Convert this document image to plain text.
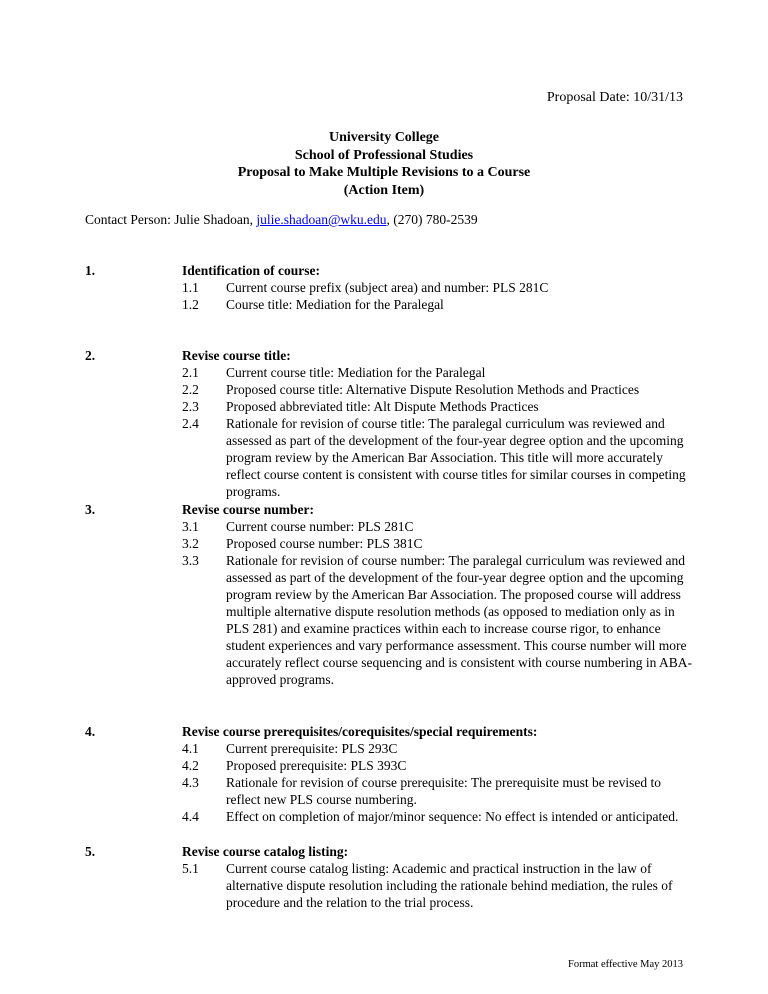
Proposal Date: 10/31/13
University College
School of Professional Studies
Proposal to Make Multiple Revisions to a Course
(Action Item)
Contact Person: Julie Shadoan, julie.shadoan@wku.edu, (270) 780-2539
1.	Identification of course:
1.1 Current course prefix (subject area) and number: PLS 281C
1.2 Course title: Mediation for the Paralegal
2.	Revise course title:
2.1 Current course title: Mediation for the Paralegal
2.2 Proposed course title: Alternative Dispute Resolution Methods and Practices
2.3 Proposed abbreviated title: Alt Dispute Methods Practices
2.4 Rationale for revision of course title: The paralegal curriculum was reviewed and assessed as part of the development of the four-year degree option and the upcoming program review by the American Bar Association. This title will more accurately reflect course content is consistent with course titles for similar courses in competing programs.
3.	Revise course number:
3.1 Current course number: PLS 281C
3.2 Proposed course number: PLS 381C
3.3 Rationale for revision of course number: The paralegal curriculum was reviewed and assessed as part of the development of the four-year degree option and the upcoming program review by the American Bar Association. The proposed course will address multiple alternative dispute resolution methods (as opposed to mediation only as in PLS 281) and examine practices within each to increase course rigor, to enhance student experiences and vary performance assessment. This course number will more accurately reflect course sequencing and is consistent with course numbering in ABA-approved programs.
4.	Revise course prerequisites/corequisites/special requirements:
4.1 Current prerequisite: PLS 293C
4.2 Proposed prerequisite: PLS 393C
4.3 Rationale for revision of course prerequisite: The prerequisite must be revised to reflect new PLS course numbering.
4.4 Effect on completion of major/minor sequence: No effect is intended or anticipated.
5.	Revise course catalog listing:
5.1 Current course catalog listing: Academic and practical instruction in the law of alternative dispute resolution including the rationale behind mediation, the rules of procedure and the relation to the trial process.
Format effective May 2013
